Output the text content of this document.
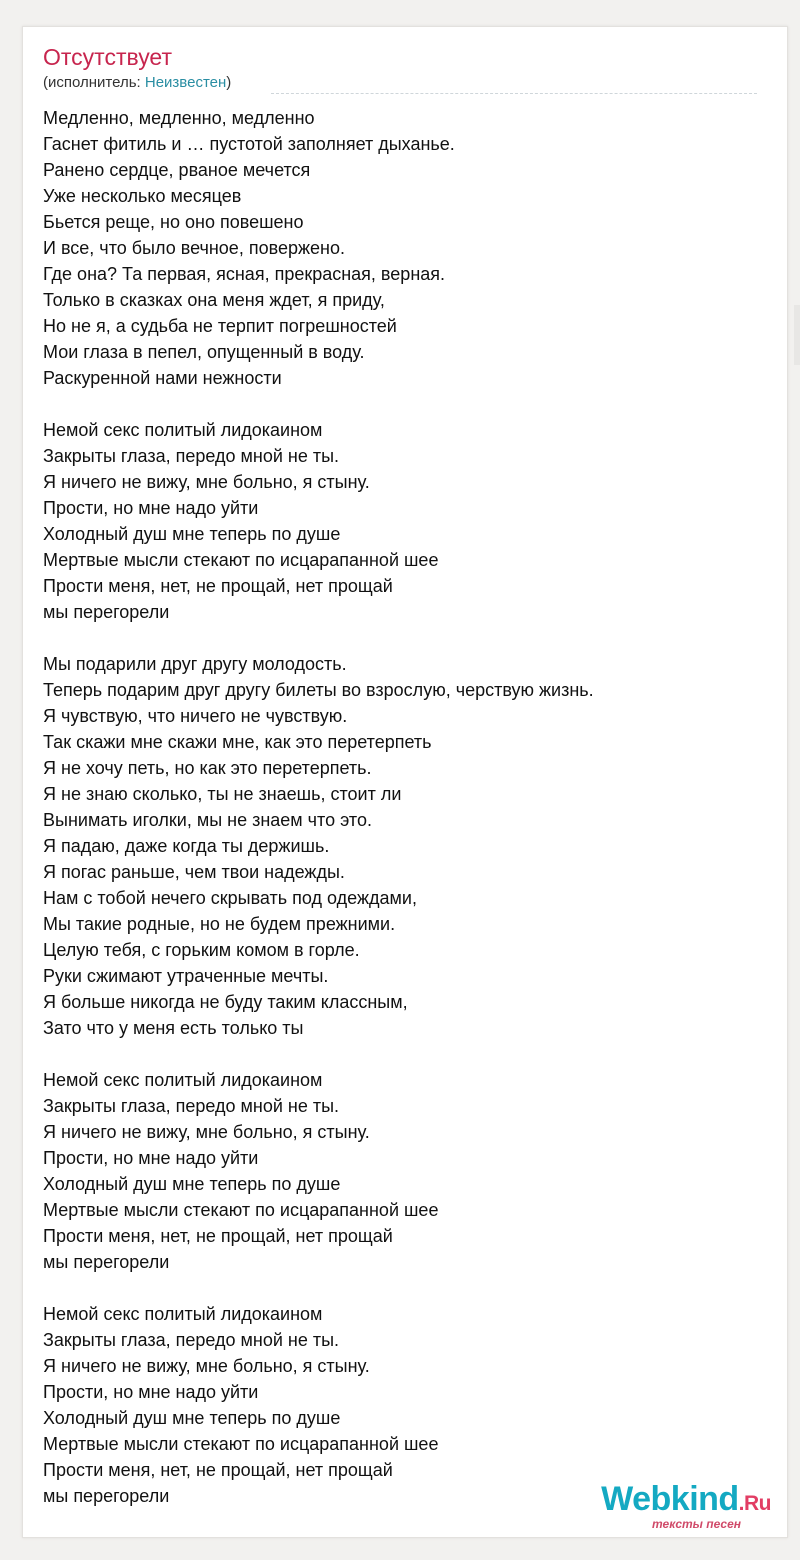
Отсутствует
(исполнитель: Неизвестен)
Медленно, медленно, медленно
Гаснет фитиль и … пустотой заполняет дыханье.
Ранено сердце, рваное мечется
Уже несколько месяцев
Бьется реще, но оно повешено
И все, что было вечное, повержено.
Где она? Та первая, ясная, прекрасная, верная.
Только в сказках она меня ждет, я приду,
Но не я, а судьба не терпит погрешностей
Мои глаза в пепел, опущенный в воду.
Раскуренной нами нежности
Немой секс политый лидокаином
Закрыты глаза, передо мной не ты.
Я ничего не вижу, мне больно, я стыну.
Прости, но мне надо уйти
Холодный душ мне теперь по душе
Мертвые мысли стекают по исцарапанной шее
Прости меня, нет, не прощай, нет прощай
мы перегорели
Мы подарили друг другу молодость.
Теперь подарим друг другу билеты во взрослую, черствую жизнь.
Я чувствую, что ничего не чувствую.
Так скажи мне скажи мне, как это перетерпеть
Я не хочу петь, но как это перетерпеть.
Я не знаю сколько, ты не знаешь, стоит ли
Вынимать иголки, мы не знаем что это.
Я падаю, даже когда ты держишь.
Я погас раньше, чем твои надежды.
Нам с тобой нечего скрывать под одеждами,
Мы такие родные, но не будем прежними.
Целую тебя, с горьким комом в горле.
Руки сжимают утраченные мечты.
Я больше никогда не буду таким классным,
Зато что у меня есть только ты
Немой секс политый лидокаином
Закрыты глаза, передо мной не ты.
Я ничего не вижу, мне больно, я стыну.
Прости, но мне надо уйти
Холодный душ мне теперь по душе
Мертвые мысли стекают по исцарапанной шее
Прости меня, нет, не прощай, нет прощай
мы перегорели
Немой секс политый лидокаином
Закрыты глаза, передо мной не ты.
Я ничего не вижу, мне больно, я стыну.
Прости, но мне надо уйти
Холодный душ мне теперь по душе
Мертвые мысли стекают по исцарапанной шее
Прости меня, нет, не прощай, нет прощай
мы перегорели	Webkind.Ru
тексты песен
